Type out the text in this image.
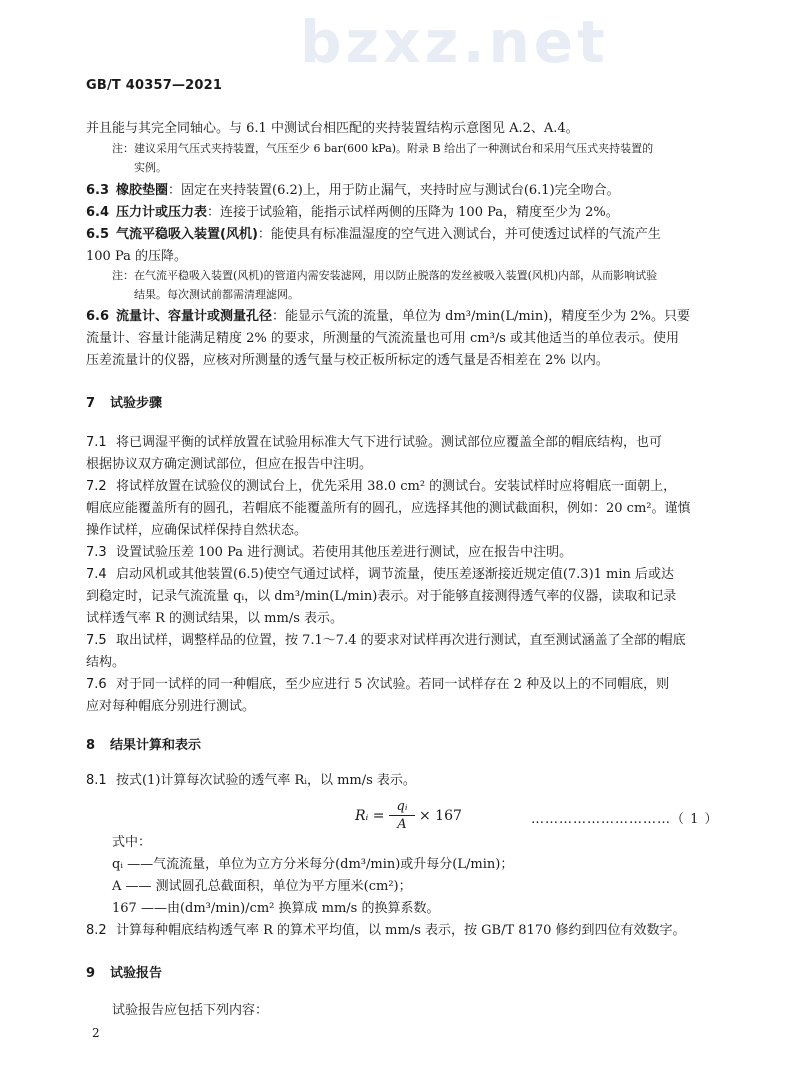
bzxz.net
GB/T 40357—2021
并且能与其完全同轴心。与 6.1 中测试台相匹配的夹持装置结构示意图见 A.2、A.4。
注：建议采用气压式夹持装置，气压至少 6 bar(600 kPa)。附录 B 给出了一种测试台和采用气压式夹持装置的
实例。
6.3 橡胶垫圈：固定在夹持装置(6.2)上，用于防止漏气，夹持时应与测试台(6.1)完全吻合。
6.4 压力计或压力表：连接于试验箱，能指示试样两侧的压降为 100 Pa，精度至少为 2%。
6.5 气流平稳吸入装置(风机)：能使具有标准温湿度的空气进入测试台，并可使透过试样的气流产生
100 Pa 的压降。
注：在气流平稳吸入装置(风机)的管道内需安装滤网，用以防止脱落的发丝被吸入装置(风机)内部，从而影响试验
结果。每次测试前都需清理滤网。
6.6 流量计、容量计或测量孔径：能显示气流的流量，单位为 dm³/min(L/min)，精度至少为 2%。只要
流量计、容量计能满足精度 2% 的要求，所测量的气流流量也可用 cm³/s 或其他适当的单位表示。使用
压差流量计的仪器，应核对所测量的透气量与校正板所标定的透气量是否相差在 2% 以内。
7 试验步骤
7.1 将已调湿平衡的试样放置在试验用标准大气下进行试验。测试部位应覆盖全部的帽底结构，也可
根据协议双方确定测试部位，但应在报告中注明。
7.2 将试样放置在试验仪的测试台上，优先采用 38.0 cm² 的测试台。安装试样时应将帽底一面朝上，
帽底应能覆盖所有的圆孔，若帽底不能覆盖所有的圆孔，应选择其他的测试截面积，例如：20 cm²。谨慎
操作试样，应确保试样保持自然状态。
7.3 设置试验压差 100 Pa 进行测试。若使用其他压差进行测试，应在报告中注明。
7.4 启动风机或其他装置(6.5)使空气通过试样，调节流量，使压差逐渐接近规定值(7.3)1 min 后或达
到稳定时，记录气流流量 qᵢ，以 dm³/min(L/min)表示。对于能够直接测得透气率的仪器，读取和记录
试样透气率 R 的测试结果，以 mm/s 表示。
7.5 取出试样，调整样品的位置，按 7.1～7.4 的要求对试样再次进行测试，直至测试涵盖了全部的帽底
结构。
7.6 对于同一试样的同一种帽底，至少应进行 5 次试验。若同一试样存在 2 种及以上的不同帽底，则
应对每种帽底分别进行测试。
8 结果计算和表示
8.1 按式(1)计算每次试验的透气率 Rᵢ，以 mm/s 表示。
Rᵢ = $\frac{\text{qᵢ}}{A} \times 167$	…………………………（ 1 ）
式中：
qᵢ ——气流流量，单位为立方分米每分(dm³/min)或升每分(L/min)；
A —— 测试圆孔总截面积，单位为平方厘米(cm²)；
167 ——由(dm³/min)/cm² 换算成 mm/s 的换算系数。
8.2 计算每种帽底结构透气率 R 的算术平均值，以 mm/s 表示，按 GB/T 8170 修约到四位有效数字。
9 试验报告
试验报告应包括下列内容：
2
